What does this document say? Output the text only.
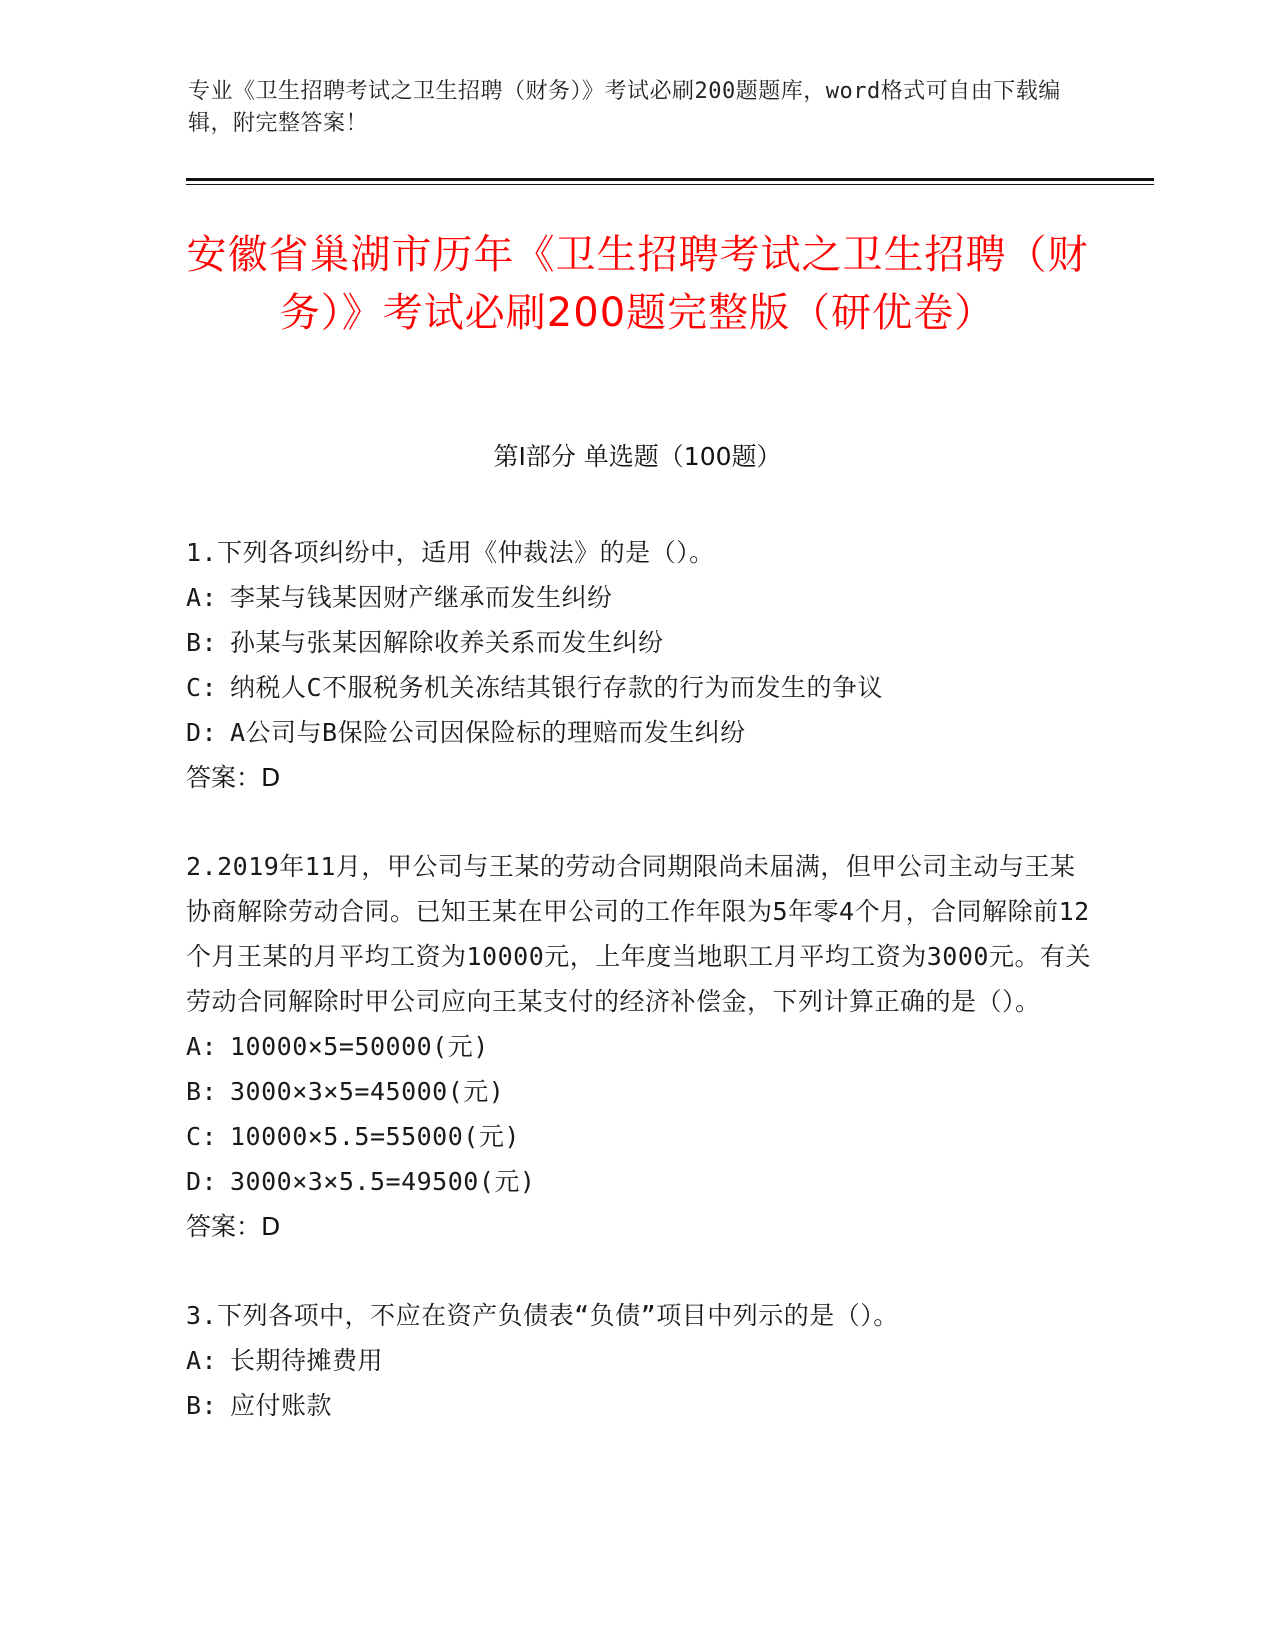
专业《卫生招聘考试之卫生招聘（财务）》考试必刷200题题库，word格式可自由下载编辑，附完整答案！
安徽省巢湖市历年《卫生招聘考试之卫生招聘（财务）》考试必刷200题完整版（研优卷）
第Ⅰ部分 单选题（100题）

1.下列各项纠纷中，适用《仲裁法》的是（）。

A: 李某与钱某因财产继承而发生纠纷

B: 孙某与张某因解除收养关系而发生纠纷

C: 纳税人C不服税务机关冻结其银行存款的行为而发生的争议

D: A公司与B保险公司因保险标的理赔而发生纠纷

答案：D

2.2019年11月，甲公司与王某的劳动合同期限尚未届满，但甲公司主动与王某协商解除劳动合同。已知王某在甲公司的工作年限为5年零4个月，合同解除前12个月王某的月平均工资为10000元，上年度当地职工月平均工资为3000元。有关劳动合同解除时甲公司应向王某支付的经济补偿金，下列计算正确的是（）。

A: 10000×5=50000(元)

B: 3000×3×5=45000(元)

C: 10000×5.5=55000(元)

D: 3000×3×5.5=49500(元)

答案：D

3.下列各项中，不应在资产负债表“负债”项目中列示的是（）。

A: 长期待摊费用

B: 应付账款
